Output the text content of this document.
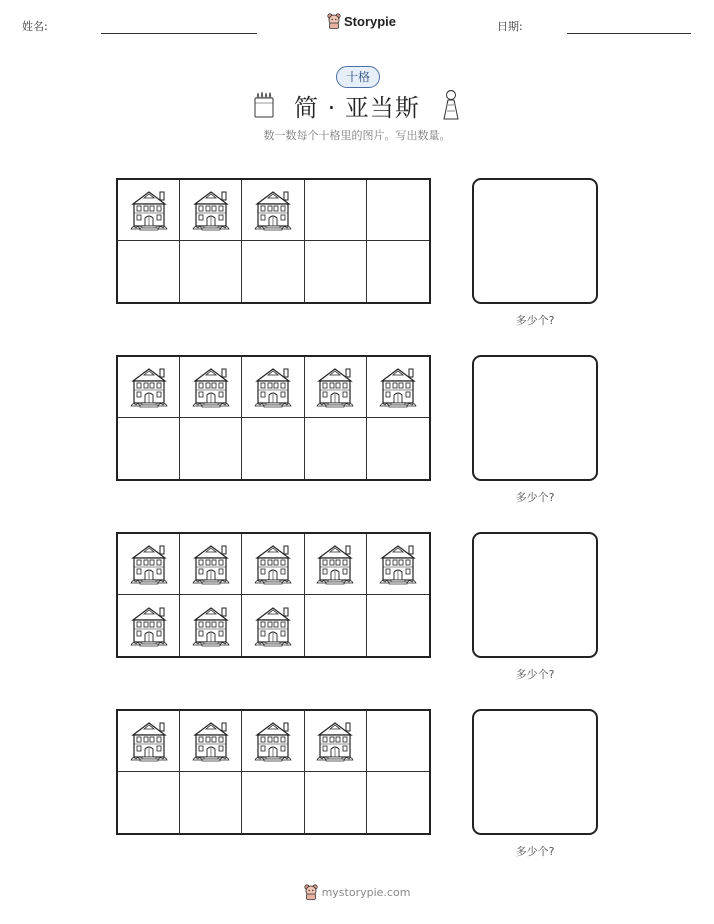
姓名:	Storypie	日期:
十格
简 · 亚当斯
数一数每个十格里的图片。写出数量。
多少个?
多少个?
多少个?
多少个?
mystorypie.com
